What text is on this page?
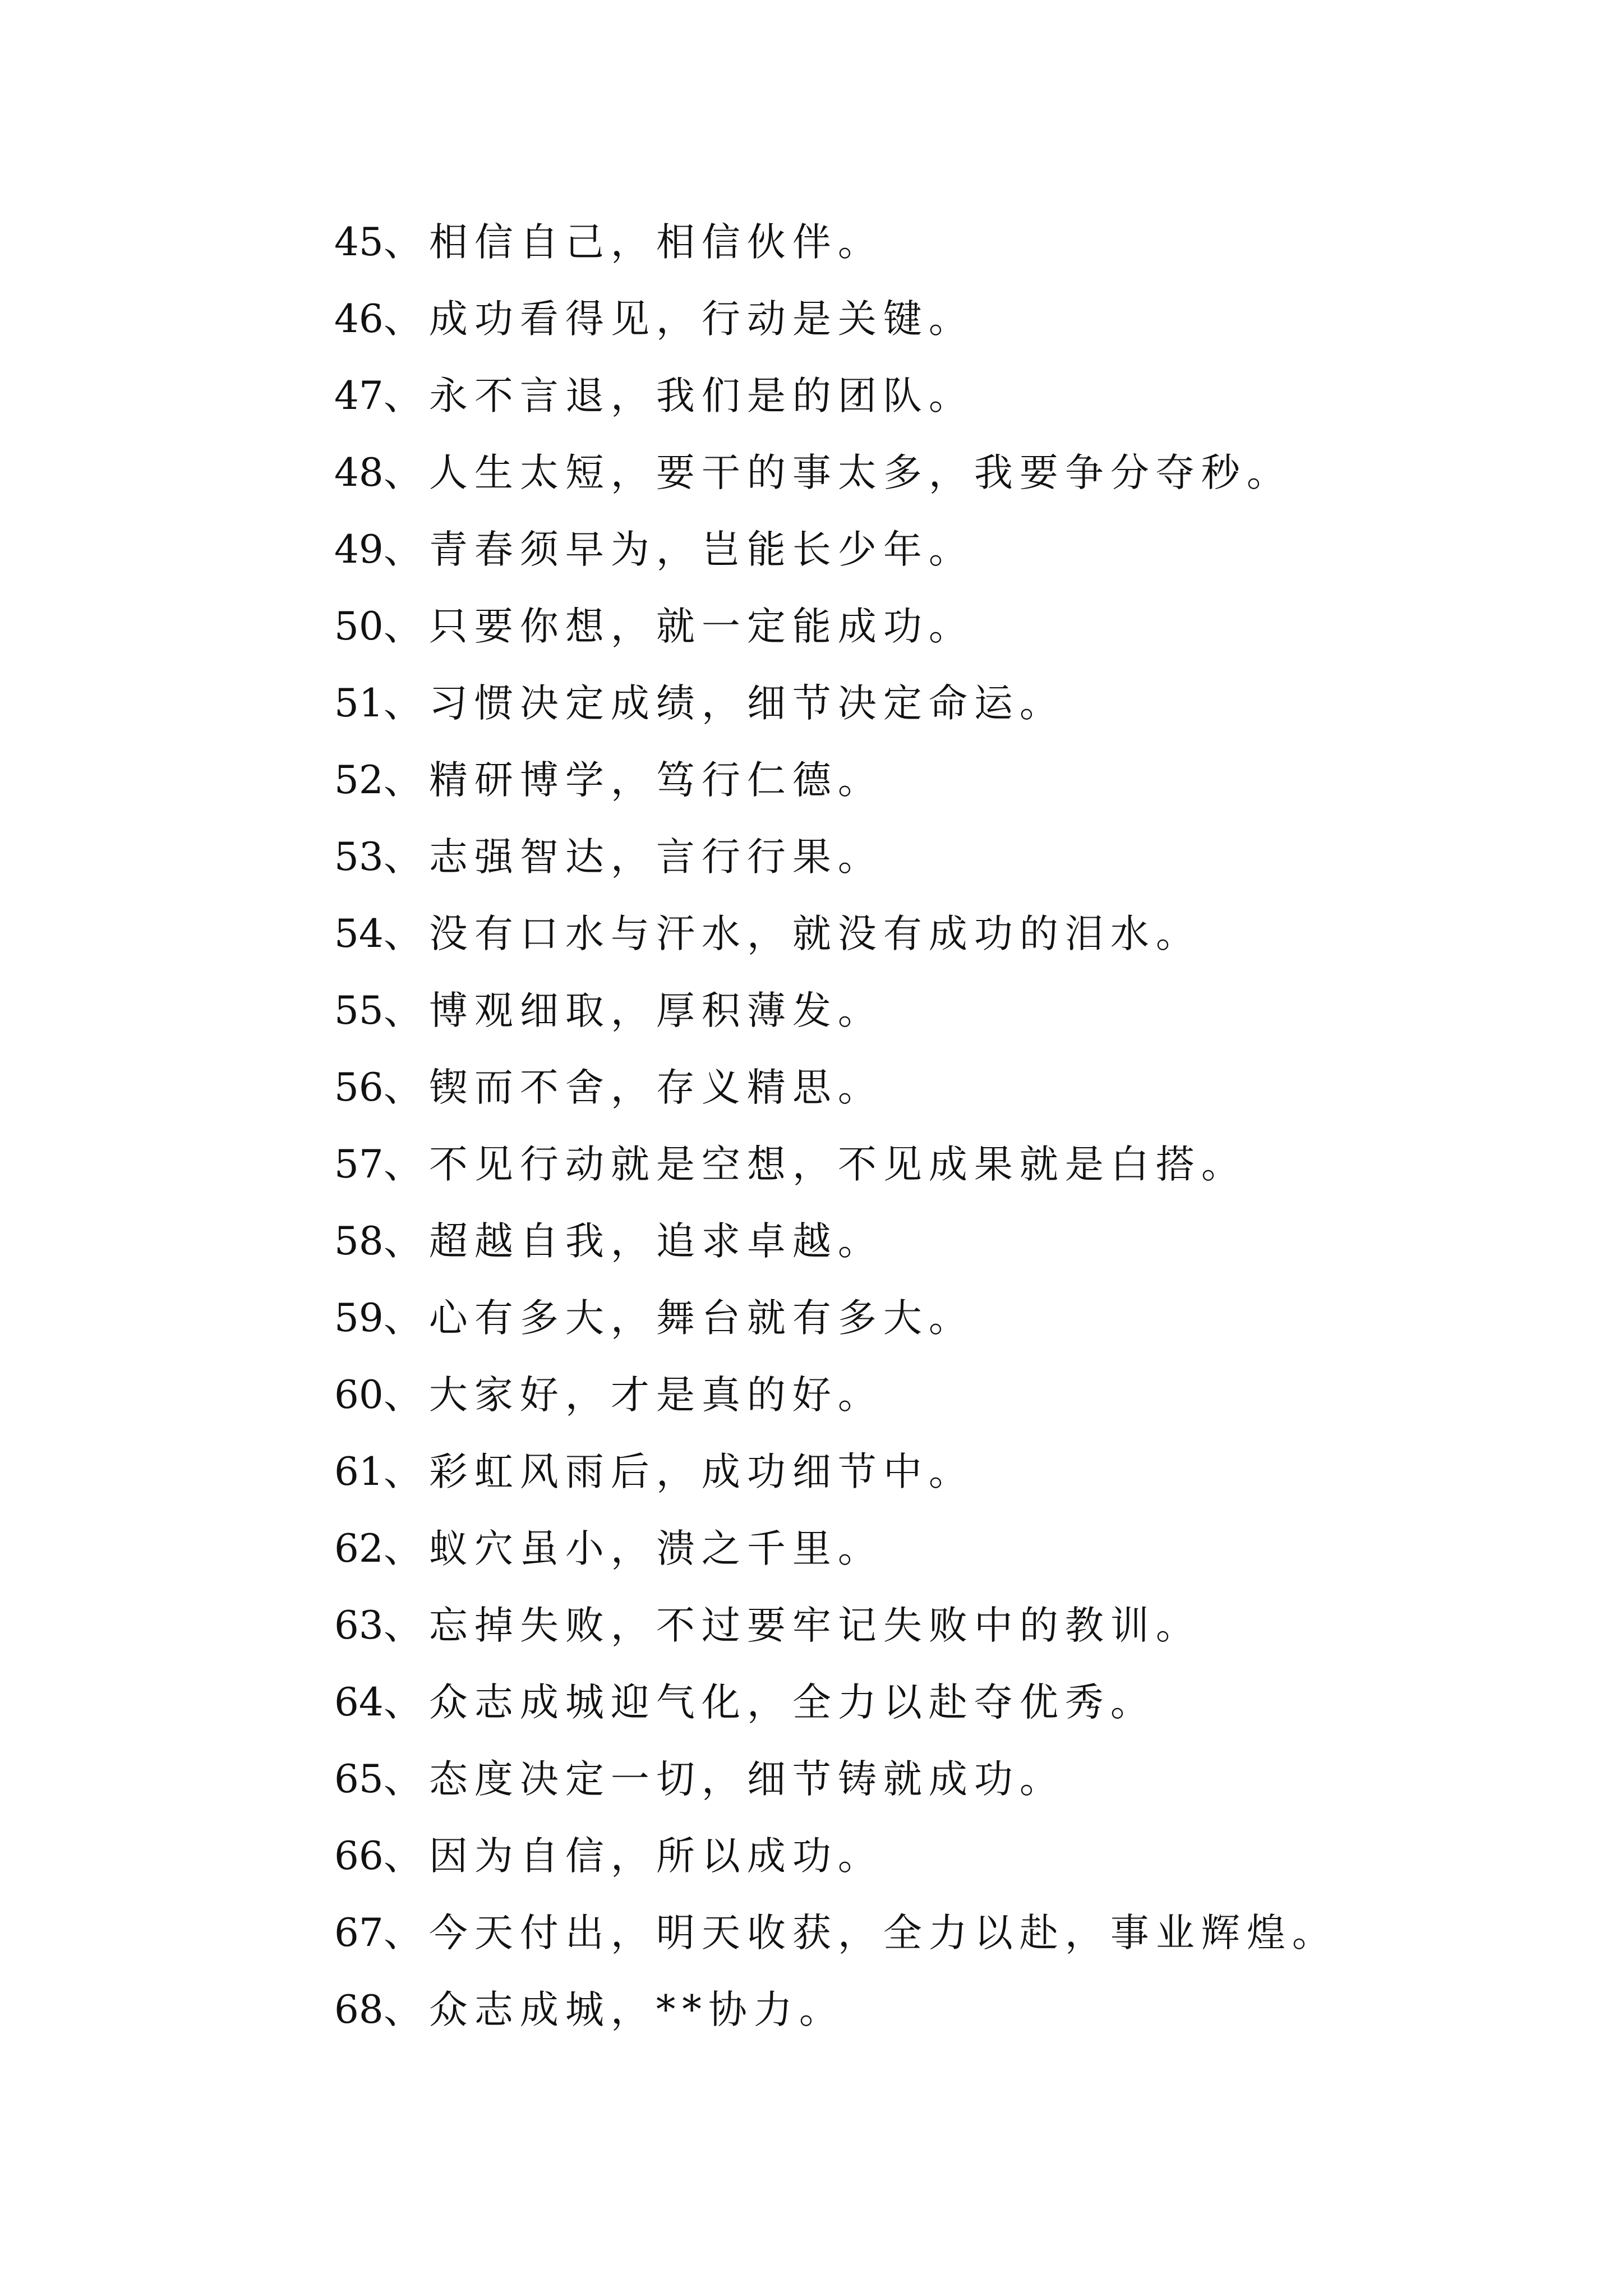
45、相信自己，相信伙伴。
46、成功看得见，行动是关键。
47、永不言退，我们是的团队。
48、人生太短，要干的事太多，我要争分夺秒。
49、青春须早为，岂能长少年。
50、只要你想，就一定能成功。
51、习惯决定成绩，细节决定命运。
52、精研博学，笃行仁德。
53、志强智达，言行行果。
54、没有口水与汗水，就没有成功的泪水。
55、博观细取，厚积薄发。
56、锲而不舍，存义精思。
57、不见行动就是空想，不见成果就是白搭。
58、超越自我，追求卓越。
59、心有多大，舞台就有多大。
60、大家好，才是真的好。
61、彩虹风雨后，成功细节中。
62、蚁穴虽小，溃之千里。
63、忘掉失败，不过要牢记失败中的教训。
64、众志成城迎气化，全力以赴夺优秀。
65、态度决定一切，细节铸就成功。
66、因为自信，所以成功。
67、今天付出，明天收获，全力以赴，事业辉煌。
68、众志成城，**协力。
